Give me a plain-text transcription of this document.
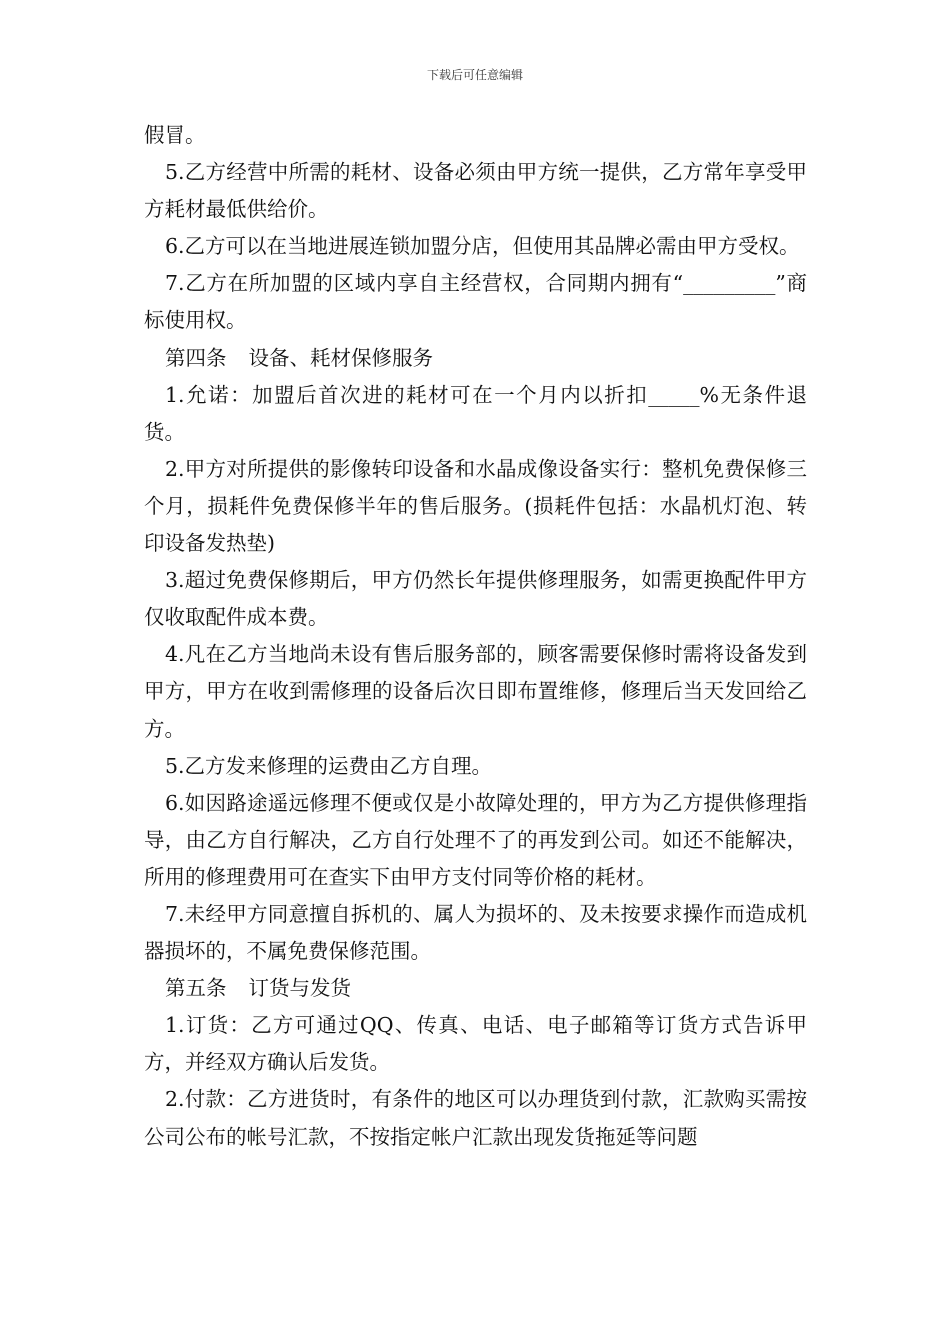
下载后可任意编辑

假冒。

5.乙方经营中所需的耗材、设备必须由甲方统一提供，乙方常年享受甲方耗材最低供给价。

6.乙方可以在当地进展连锁加盟分店，但使用其品牌必需由甲方受权。

7.乙方在所加盟的区域内享自主经营权，合同期内拥有“_________”商标使用权。

第四条 设备、耗材保修服务

1.允诺：加盟后首次进的耗材可在一个月内以折扣_____%无条件退货。

2.甲方对所提供的影像转印设备和水晶成像设备实行：整机免费保修三个月，损耗件免费保修半年的售后服务。(损耗件包括：水晶机灯泡、转印设备发热垫)

3.超过免费保修期后，甲方仍然长年提供修理服务，如需更换配件甲方仅收取配件成本费。

4.凡在乙方当地尚未设有售后服务部的，顾客需要保修时需将设备发到甲方，甲方在收到需修理的设备后次日即布置维修，修理后当天发回给乙方。

5.乙方发来修理的运费由乙方自理。

6.如因路途遥远修理不便或仅是小故障处理的，甲方为乙方提供修理指导，由乙方自行解决，乙方自行处理不了的再发到公司。如还不能解决，所用的修理费用可在查实下由甲方支付同等价格的耗材。

7.未经甲方同意擅自拆机的、属人为损坏的、及未按要求操作而造成机器损坏的，不属免费保修范围。

第五条 订货与发货

1.订货：乙方可通过QQ、传真、电话、电子邮箱等订货方式告诉甲方，并经双方确认后发货。

2.付款：乙方进货时，有条件的地区可以办理货到付款，汇款购买需按公司公布的帐号汇款，不按指定帐户汇款出现发货拖延等问题
